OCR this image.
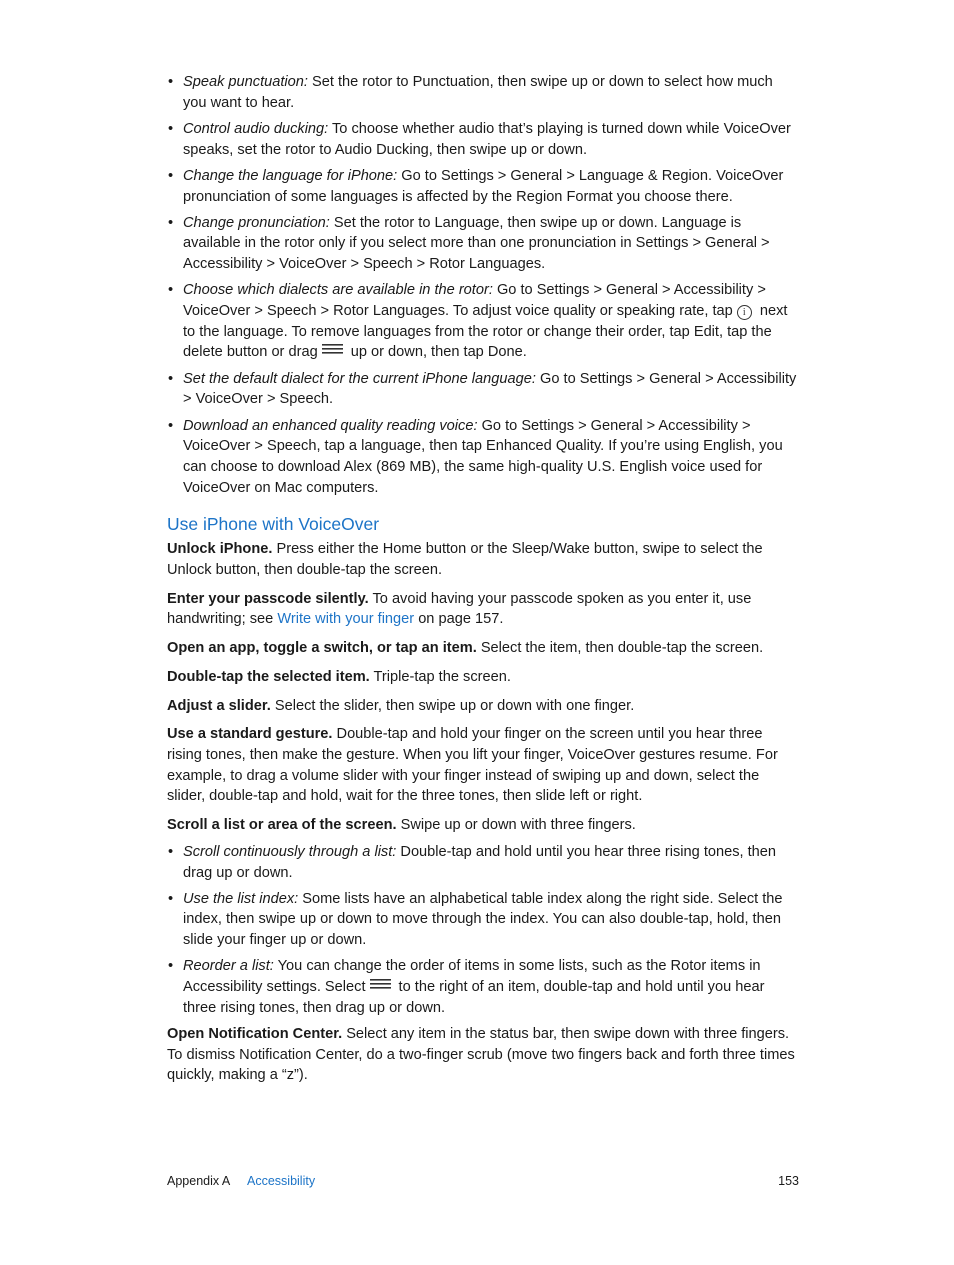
• Speak punctuation: Set the rotor to Punctuation, then swipe up or down to select how much you want to hear.
• Control audio ducking: To choose whether audio that’s playing is turned down while VoiceOver speaks, set the rotor to Audio Ducking, then swipe up or down.
• Change the language for iPhone: Go to Settings > General > Language & Region. VoiceOver pronunciation of some languages is affected by the Region Format you choose there.
• Change pronunciation: Set the rotor to Language, then swipe up or down. Language is available in the rotor only if you select more than one pronunciation in Settings > General > Accessibility > VoiceOver > Speech > Rotor Languages.
• Choose which dialects are available in the rotor: Go to Settings > General > Accessibility > VoiceOver > Speech > Rotor Languages. To adjust voice quality or speaking rate, tap i next to the language. To remove languages from the rotor or change their order, tap Edit, tap the delete button or drag
up or down, then tap Done.
• Set the default dialect for the current iPhone language: Go to Settings > General > Accessibility > VoiceOver > Speech.
• Download an enhanced quality reading voice: Go to Settings > General > Accessibility > VoiceOver > Speech, tap a language, then tap Enhanced Quality. If you’re using English, you can choose to download Alex (869 MB), the same high-quality U.S. English voice used for VoiceOver on Mac computers.
Use iPhone with VoiceOver

Unlock iPhone. Press either the Home button or the Sleep/Wake button, swipe to select the Unlock button, then double-tap the screen.

Enter your passcode silently. To avoid having your passcode spoken as you enter it, use handwriting; see Write with your finger on page 157.

Open an app, toggle a switch, or tap an item. Select the item, then double-tap the screen.

Double-tap the selected item. Triple-tap the screen.

Adjust a slider. Select the slider, then swipe up or down with one finger.

Use a standard gesture. Double-tap and hold your finger on the screen until you hear three rising tones, then make the gesture. When you lift your finger, VoiceOver gestures resume. For example, to drag a volume slider with your finger instead of swiping up and down, select the slider, double-tap and hold, wait for the three tones, then slide left or right.

Scroll a list or area of the screen. Swipe up or down with three fingers.

• Scroll continuously through a list: Double-tap and hold until you hear three rising tones, then drag up or down.
• Use the list index: Some lists have an alphabetical table index along the right side. Select the index, then swipe up or down to move through the index. You can also double-tap, hold, then slide your finger up or down.
• Reorder a list: You can change the order of items in some lists, such as the Rotor items in Accessibility settings. Select
to the right of an item, double-tap and hold until you hear three rising tones, then drag up or down.

Open Notification Center. Select any item in the status bar, then swipe down with three fingers. To dismiss Notification Center, do a two-finger scrub (move two fingers back and forth three times quickly, making a “z”).

Appendix A Accessibility	153
